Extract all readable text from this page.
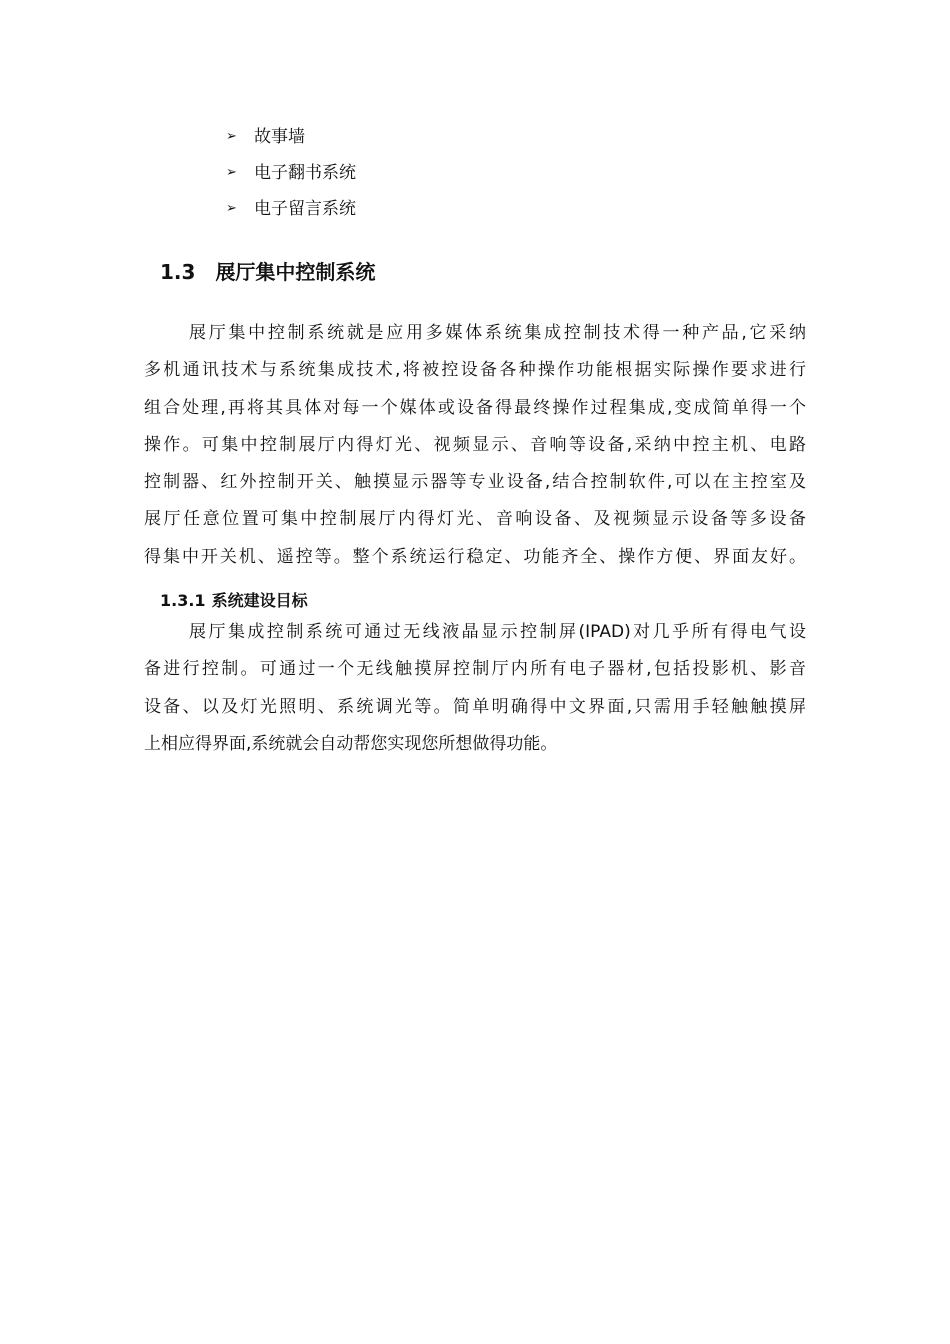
➢	故事墙
➢	电子翻书系统
➢	电子留言系统
1.3 展厅集中控制系统
展厅集中控制系统就是应用多媒体系统集成控制技术得一种产品,它采纳
多机通讯技术与系统集成技术,将被控设备各种操作功能根据实际操作要求进行
组合处理,再将其具体对每一个媒体或设备得最终操作过程集成,变成简单得一个
操作。可集中控制展厅内得灯光、视频显示、音响等设备,采纳中控主机、电路
控制器、红外控制开关、触摸显示器等专业设备,结合控制软件,可以在主控室及
展厅任意位置可集中控制展厅内得灯光、音响设备、及视频显示设备等多设备
得集中开关机、遥控等。整个系统运行稳定、功能齐全、操作方便、界面友好。
1.3.1 系统建设目标
展厅集成控制系统可通过无线液晶显示控制屏(IPAD)对几乎所有得电气设
备进行控制。可通过一个无线触摸屏控制厅内所有电子器材,包括投影机、影音
设备、以及灯光照明、系统调光等。简单明确得中文界面,只需用手轻触触摸屏
上相应得界面,系统就会自动帮您实现您所想做得功能。
